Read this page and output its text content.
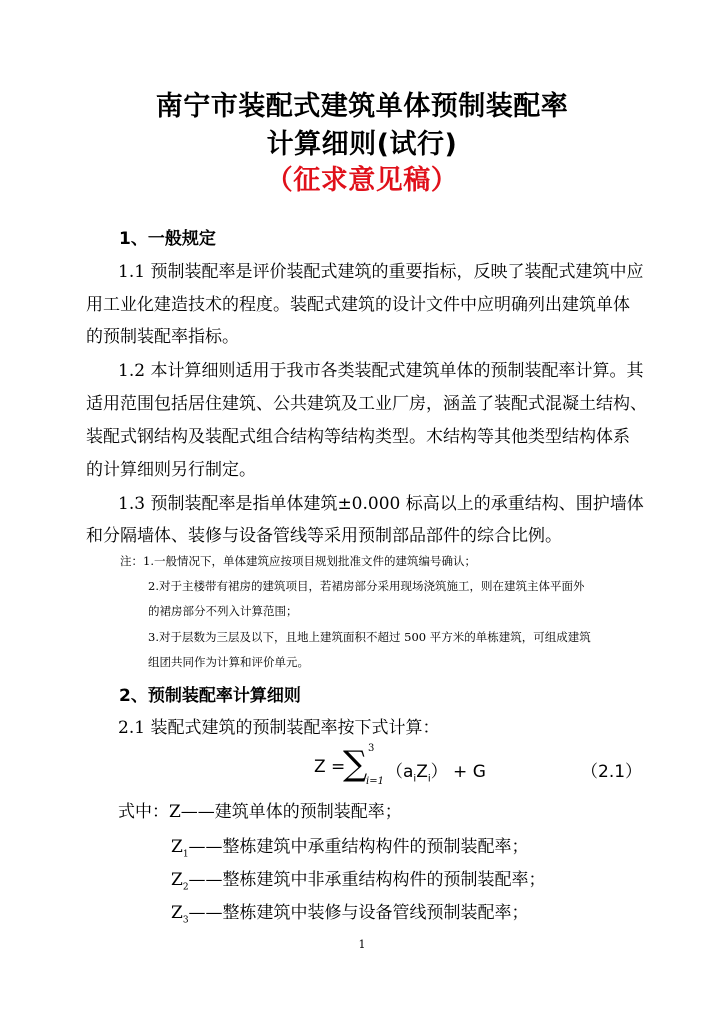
南宁市装配式建筑单体预制装配率
计算细则(试行)
（征求意见稿）
1、一般规定
1.1 预制装配率是评价装配式建筑的重要指标，反映了装配式建筑中应
用工业化建造技术的程度。装配式建筑的设计文件中应明确列出建筑单体
的预制装配率指标。
1.2 本计算细则适用于我市各类装配式建筑单体的预制装配率计算。其
适用范围包括居住建筑、公共建筑及工业厂房，涵盖了装配式混凝土结构、
装配式钢结构及装配式组合结构等结构类型。木结构等其他类型结构体系
的计算细则另行制定。
1.3 预制装配率是指单体建筑±0.000 标高以上的承重结构、围护墙体
和分隔墙体、装修与设备管线等采用预制部品部件的综合比例。
注：1.一般情况下，单体建筑应按项目规划批准文件的建筑编号确认；
2.对于主楼带有裙房的建筑项目，若裙房部分采用现场浇筑施工，则在建筑主体平面外
的裙房部分不列入计算范围；
3.对于层数为三层及以下，且地上建筑面积不超过 500 平方米的单栋建筑，可组成建筑
组团共同作为计算和评价单元。
2、预制装配率计算细则
2.1 装配式建筑的预制装配率按下式计算：
Z =
∑ 3
i=1 $(a_iZ_i) + G$	（2.1）
式中：Z——建筑单体的预制装配率；
$Z_1——$整栋建筑中承重结构构件的预制装配率；
$Z_2——$整栋建筑中非承重结构构件的预制装配率；
$Z_3——$整栋建筑中装修与设备管线预制装配率；
1
